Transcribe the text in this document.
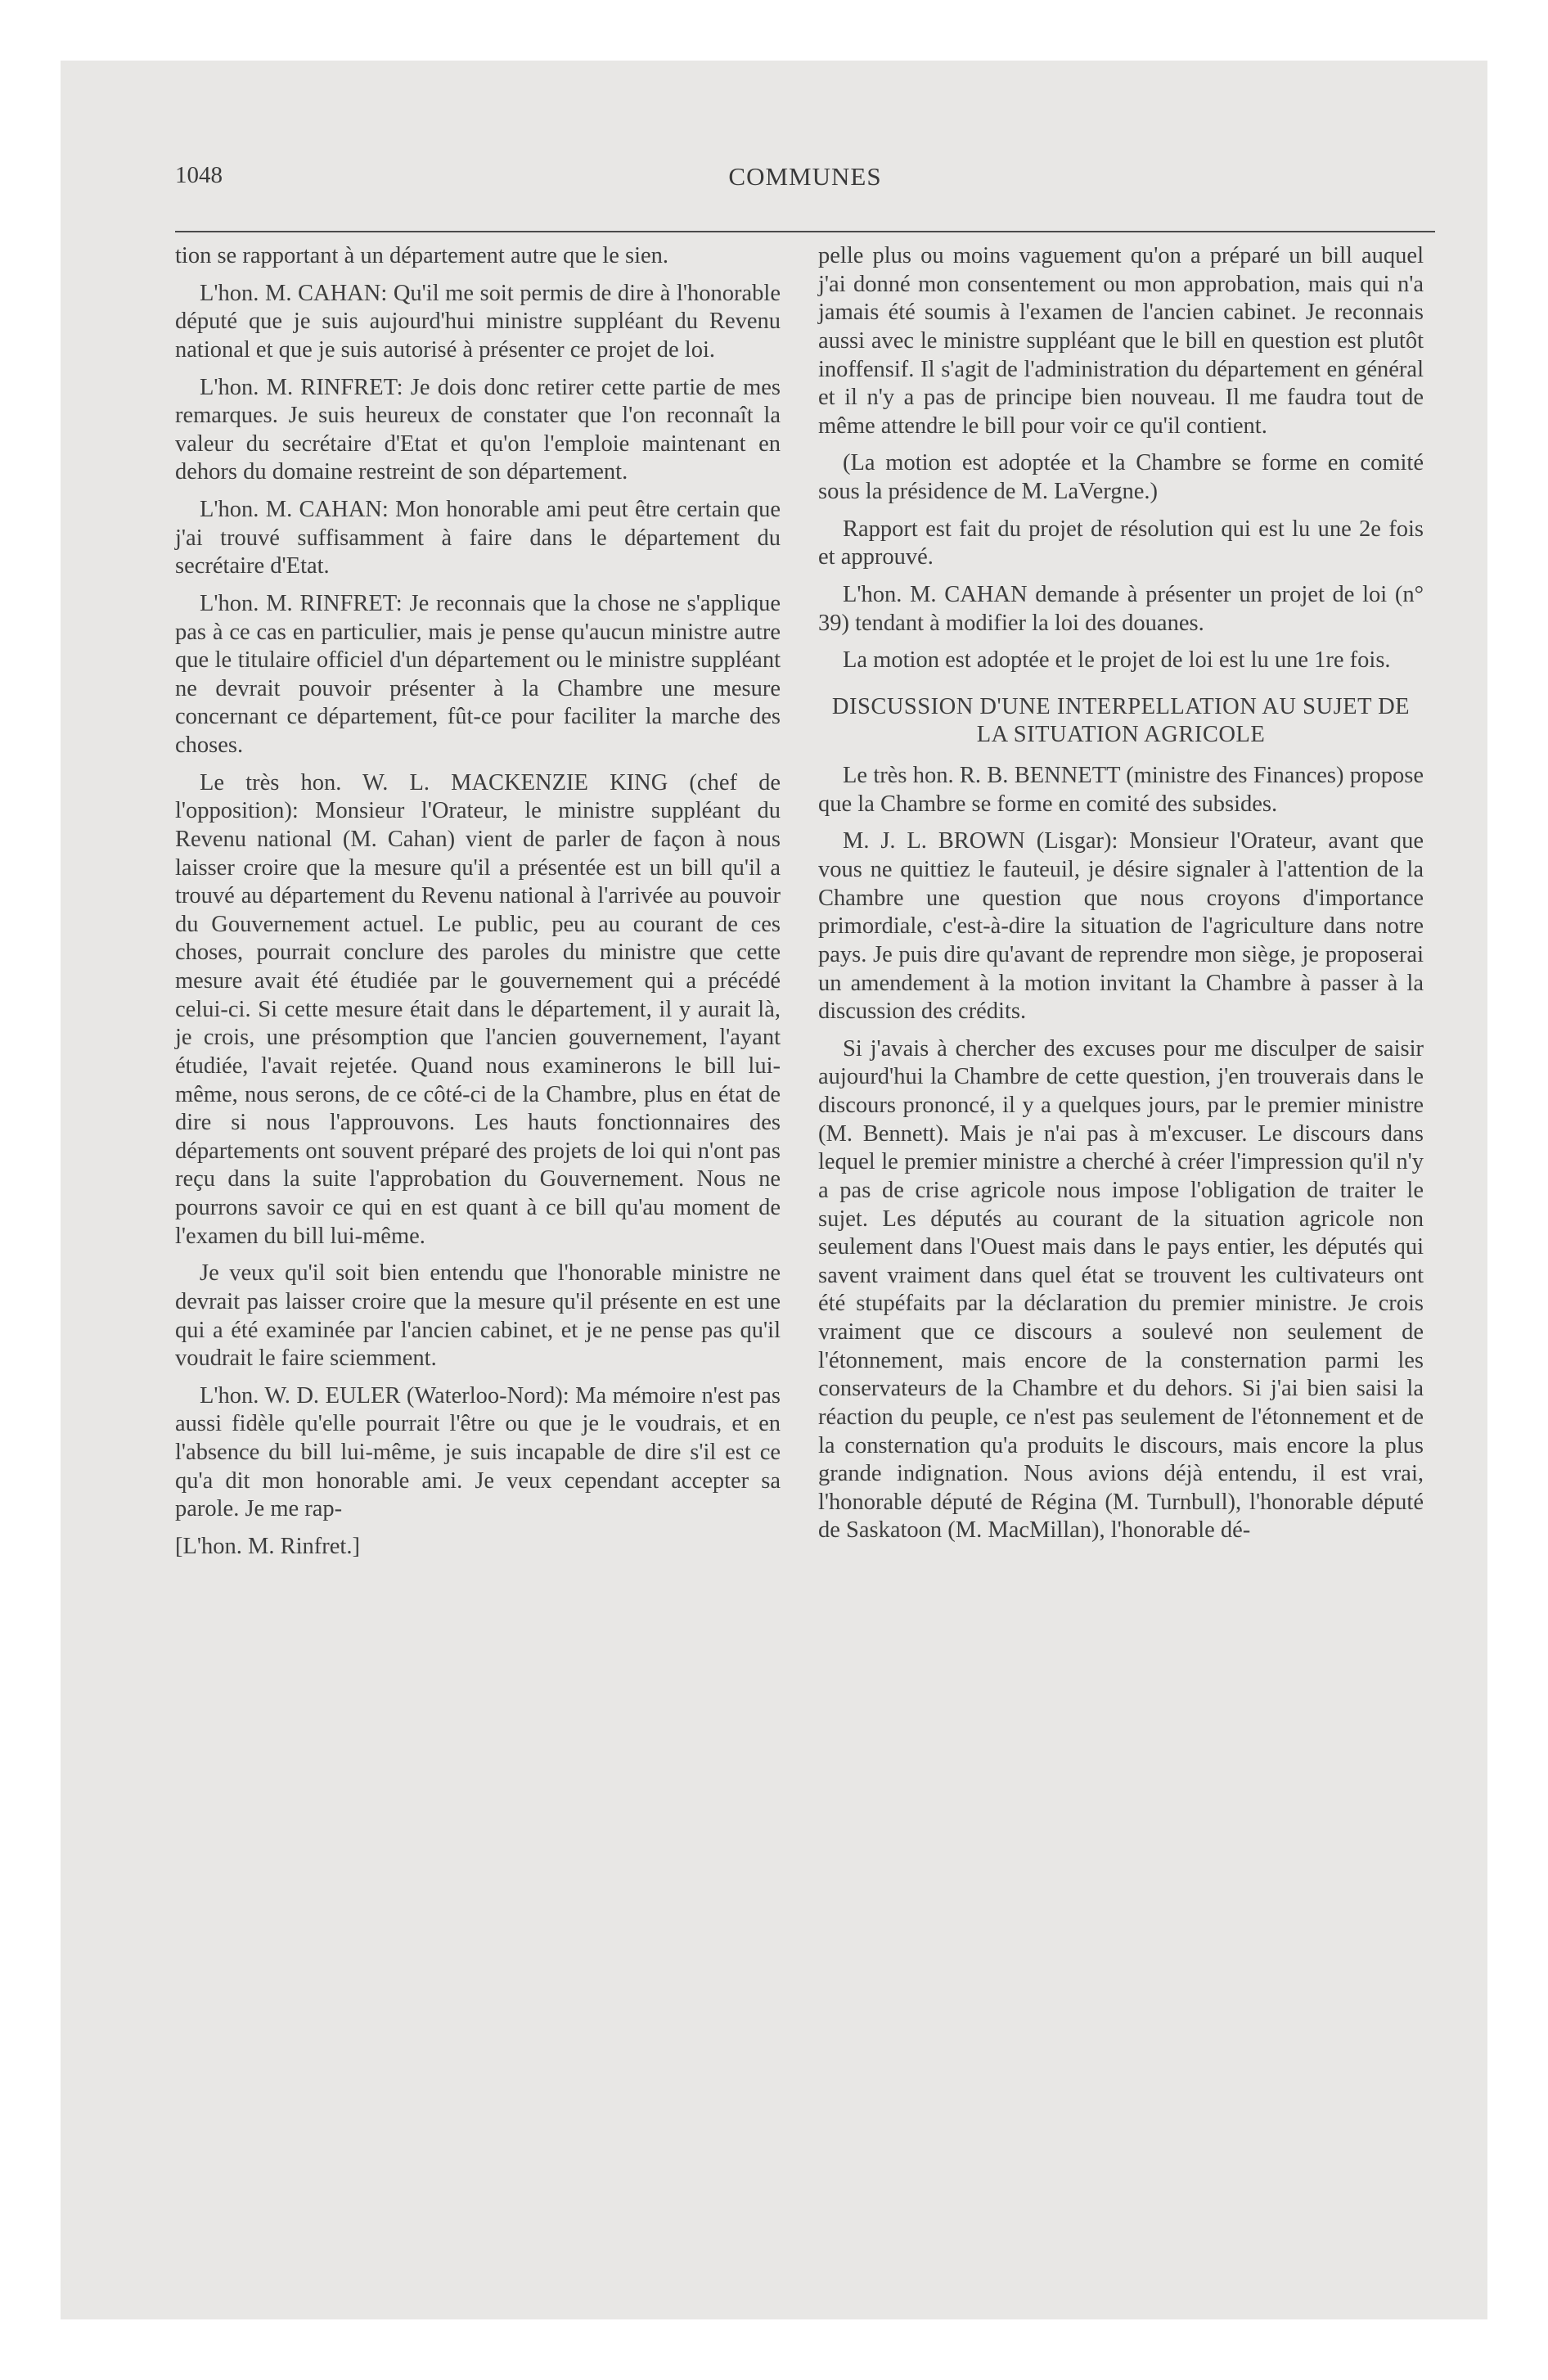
1048	COMMUNES

tion se rapportant à un département autre que le sien.

L'hon. M. CAHAN: Qu'il me soit permis de dire à l'honorable député que je suis aujourd'hui ministre suppléant du Revenu national et que je suis autorisé à présenter ce projet de loi.

L'hon. M. RINFRET: Je dois donc retirer cette partie de mes remarques. Je suis heureux de constater que l'on reconnaît la valeur du secrétaire d'Etat et qu'on l'emploie maintenant en dehors du domaine restreint de son département.

L'hon. M. CAHAN: Mon honorable ami peut être certain que j'ai trouvé suffisamment à faire dans le département du secrétaire d'Etat.

L'hon. M. RINFRET: Je reconnais que la chose ne s'applique pas à ce cas en particulier, mais je pense qu'aucun ministre autre que le titulaire officiel d'un département ou le ministre suppléant ne devrait pouvoir présenter à la Chambre une mesure concernant ce département, fût-ce pour faciliter la marche des choses.

Le très hon. W. L. MACKENZIE KING (chef de l'opposition): Monsieur l'Orateur, le ministre suppléant du Revenu national (M. Cahan) vient de parler de façon à nous laisser croire que la mesure qu'il a présentée est un bill qu'il a trouvé au département du Revenu national à l'arrivée au pouvoir du Gouvernement actuel. Le public, peu au courant de ces choses, pourrait conclure des paroles du ministre que cette mesure avait été étudiée par le gouvernement qui a précédé celui-ci. Si cette mesure était dans le département, il y aurait là, je crois, une présomption que l'ancien gouvernement, l'ayant étudiée, l'avait rejetée. Quand nous examinerons le bill lui-même, nous serons, de ce côté-ci de la Chambre, plus en état de dire si nous l'approuvons. Les hauts fonctionnaires des départements ont souvent préparé des projets de loi qui n'ont pas reçu dans la suite l'approbation du Gouvernement. Nous ne pourrons savoir ce qui en est quant à ce bill qu'au moment de l'examen du bill lui-même.

Je veux qu'il soit bien entendu que l'honorable ministre ne devrait pas laisser croire que la mesure qu'il présente en est une qui a été examinée par l'ancien cabinet, et je ne pense pas qu'il voudrait le faire sciemment.

L'hon. W. D. EULER (Waterloo-Nord): Ma mémoire n'est pas aussi fidèle qu'elle pourrait l'être ou que je le voudrais, et en l'absence du bill lui-même, je suis incapable de dire s'il est ce qu'a dit mon honorable ami. Je veux cependant accepter sa parole. Je me rap-

[L'hon. M. Rinfret.]

pelle plus ou moins vaguement qu'on a préparé un bill auquel j'ai donné mon consentement ou mon approbation, mais qui n'a jamais été soumis à l'examen de l'ancien cabinet. Je reconnais aussi avec le ministre suppléant que le bill en question est plutôt inoffensif. Il s'agit de l'administration du département en général et il n'y a pas de principe bien nouveau. Il me faudra tout de même attendre le bill pour voir ce qu'il contient.

(La motion est adoptée et la Chambre se forme en comité sous la présidence de M. LaVergne.)

Rapport est fait du projet de résolution qui est lu une 2e fois et approuvé.

L'hon. M. CAHAN demande à présenter un projet de loi (n° 39) tendant à modifier la loi des douanes.

La motion est adoptée et le projet de loi est lu une 1re fois.

DISCUSSION D'UNE INTERPELLATION AU SUJET DE LA SITUATION AGRICOLE

Le très hon. R. B. BENNETT (ministre des Finances) propose que la Chambre se forme en comité des subsides.

M. J. L. BROWN (Lisgar): Monsieur l'Orateur, avant que vous ne quittiez le fauteuil, je désire signaler à l'attention de la Chambre une question que nous croyons d'importance primordiale, c'est-à-dire la situation de l'agriculture dans notre pays. Je puis dire qu'avant de reprendre mon siège, je proposerai un amendement à la motion invitant la Chambre à passer à la discussion des crédits.

Si j'avais à chercher des excuses pour me disculper de saisir aujourd'hui la Chambre de cette question, j'en trouverais dans le discours prononcé, il y a quelques jours, par le premier ministre (M. Bennett). Mais je n'ai pas à m'excuser. Le discours dans lequel le premier ministre a cherché à créer l'impression qu'il n'y a pas de crise agricole nous impose l'obligation de traiter le sujet. Les députés au courant de la situation agricole non seulement dans l'Ouest mais dans le pays entier, les députés qui savent vraiment dans quel état se trouvent les cultivateurs ont été stupéfaits par la déclaration du premier ministre. Je crois vraiment que ce discours a soulevé non seulement de l'étonnement, mais encore de la consternation parmi les conservateurs de la Chambre et du dehors. Si j'ai bien saisi la réaction du peuple, ce n'est pas seulement de l'étonnement et de la consternation qu'a produits le discours, mais encore la plus grande indignation. Nous avions déjà entendu, il est vrai, l'honorable député de Régina (M. Turnbull), l'honorable député de Saskatoon (M. MacMillan), l'honorable dé-
